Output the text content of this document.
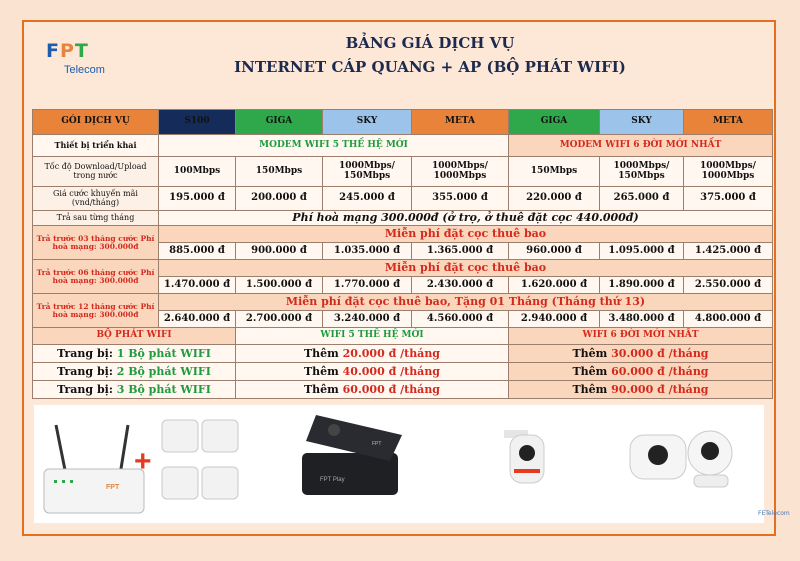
FPT
Telecom
BẢNG GIÁ DỊCH VỤ
INTERNET CÁP QUANG + AP (BỘ PHÁT WIFI)
GÓI DỊCH VỤ	S100	GIGA	SKY	META	GIGA	SKY	META
Thiết bị triển khai	MODEM WIFI 5 THẾ HỆ MỚI				MODEM WIFI 6 ĐỜI MỚI NHẤT		
Tốc độ Download/Upload trong nước	100Mbps	150Mbps	1000Mbps/ 150Mbps	1000Mbps/ 1000Mbps	150Mbps	1000Mbps/ 150Mbps	1000Mbps/ 1000Mbps
Giá cước khuyến mãi (vnd/tháng)	195.000 đ	200.000 đ	245.000 đ	355.000 đ	220.000 đ	265.000 đ	375.000 đ
Trả sau từng tháng	Phí hoà mạng 300.000đ (ở trọ, ở thuê đặt cọc 440.000đ)						
Trả trước 03 tháng cước Phí hoà mạng: 300.000đ	Miễn phí đặt cọc thuê bao						
	885.000 đ	900.000 đ	1.035.000 đ	1.365.000 đ	960.000 đ	1.095.000 đ	1.425.000 đ
Trả trước 06 tháng cước Phí hoà mạng: 300.000đ	Miễn phí đặt cọc thuê bao						
	1.470.000 đ	1.500.000 đ	1.770.000 đ	2.430.000 đ	1.620.000 đ	1.890.000 đ	2.550.000 đ
Trả trước 12 tháng cước Phí hoà mạng: 300.000đ	Miễn phí đặt cọc thuê bao, Tặng 01 Tháng (Tháng thứ 13)						
	2.640.000 đ	2.700.000 đ	3.240.000 đ	4.560.000 đ	2.940.000 đ	3.480.000 đ	4.800.000 đ
BỘ PHÁT WIFI		WIFI 5 THẾ HỆ MỚI			WIFI 6 ĐỜI MỚI NHẤT		
Trang bị: 1 Bộ phát WIFI		Thêm 20.000 đ /tháng			Thêm 30.000 đ /tháng		
Trang bị: 2 Bộ phát WIFI		Thêm 40.000 đ /tháng			Thêm 60.000 đ /tháng		
Trang bị: 3 Bộ phát WIFI		Thêm 60.000 đ /tháng			Thêm 90.000 đ /tháng		
FPT
+
FPT Play
FPT
FETelecom
